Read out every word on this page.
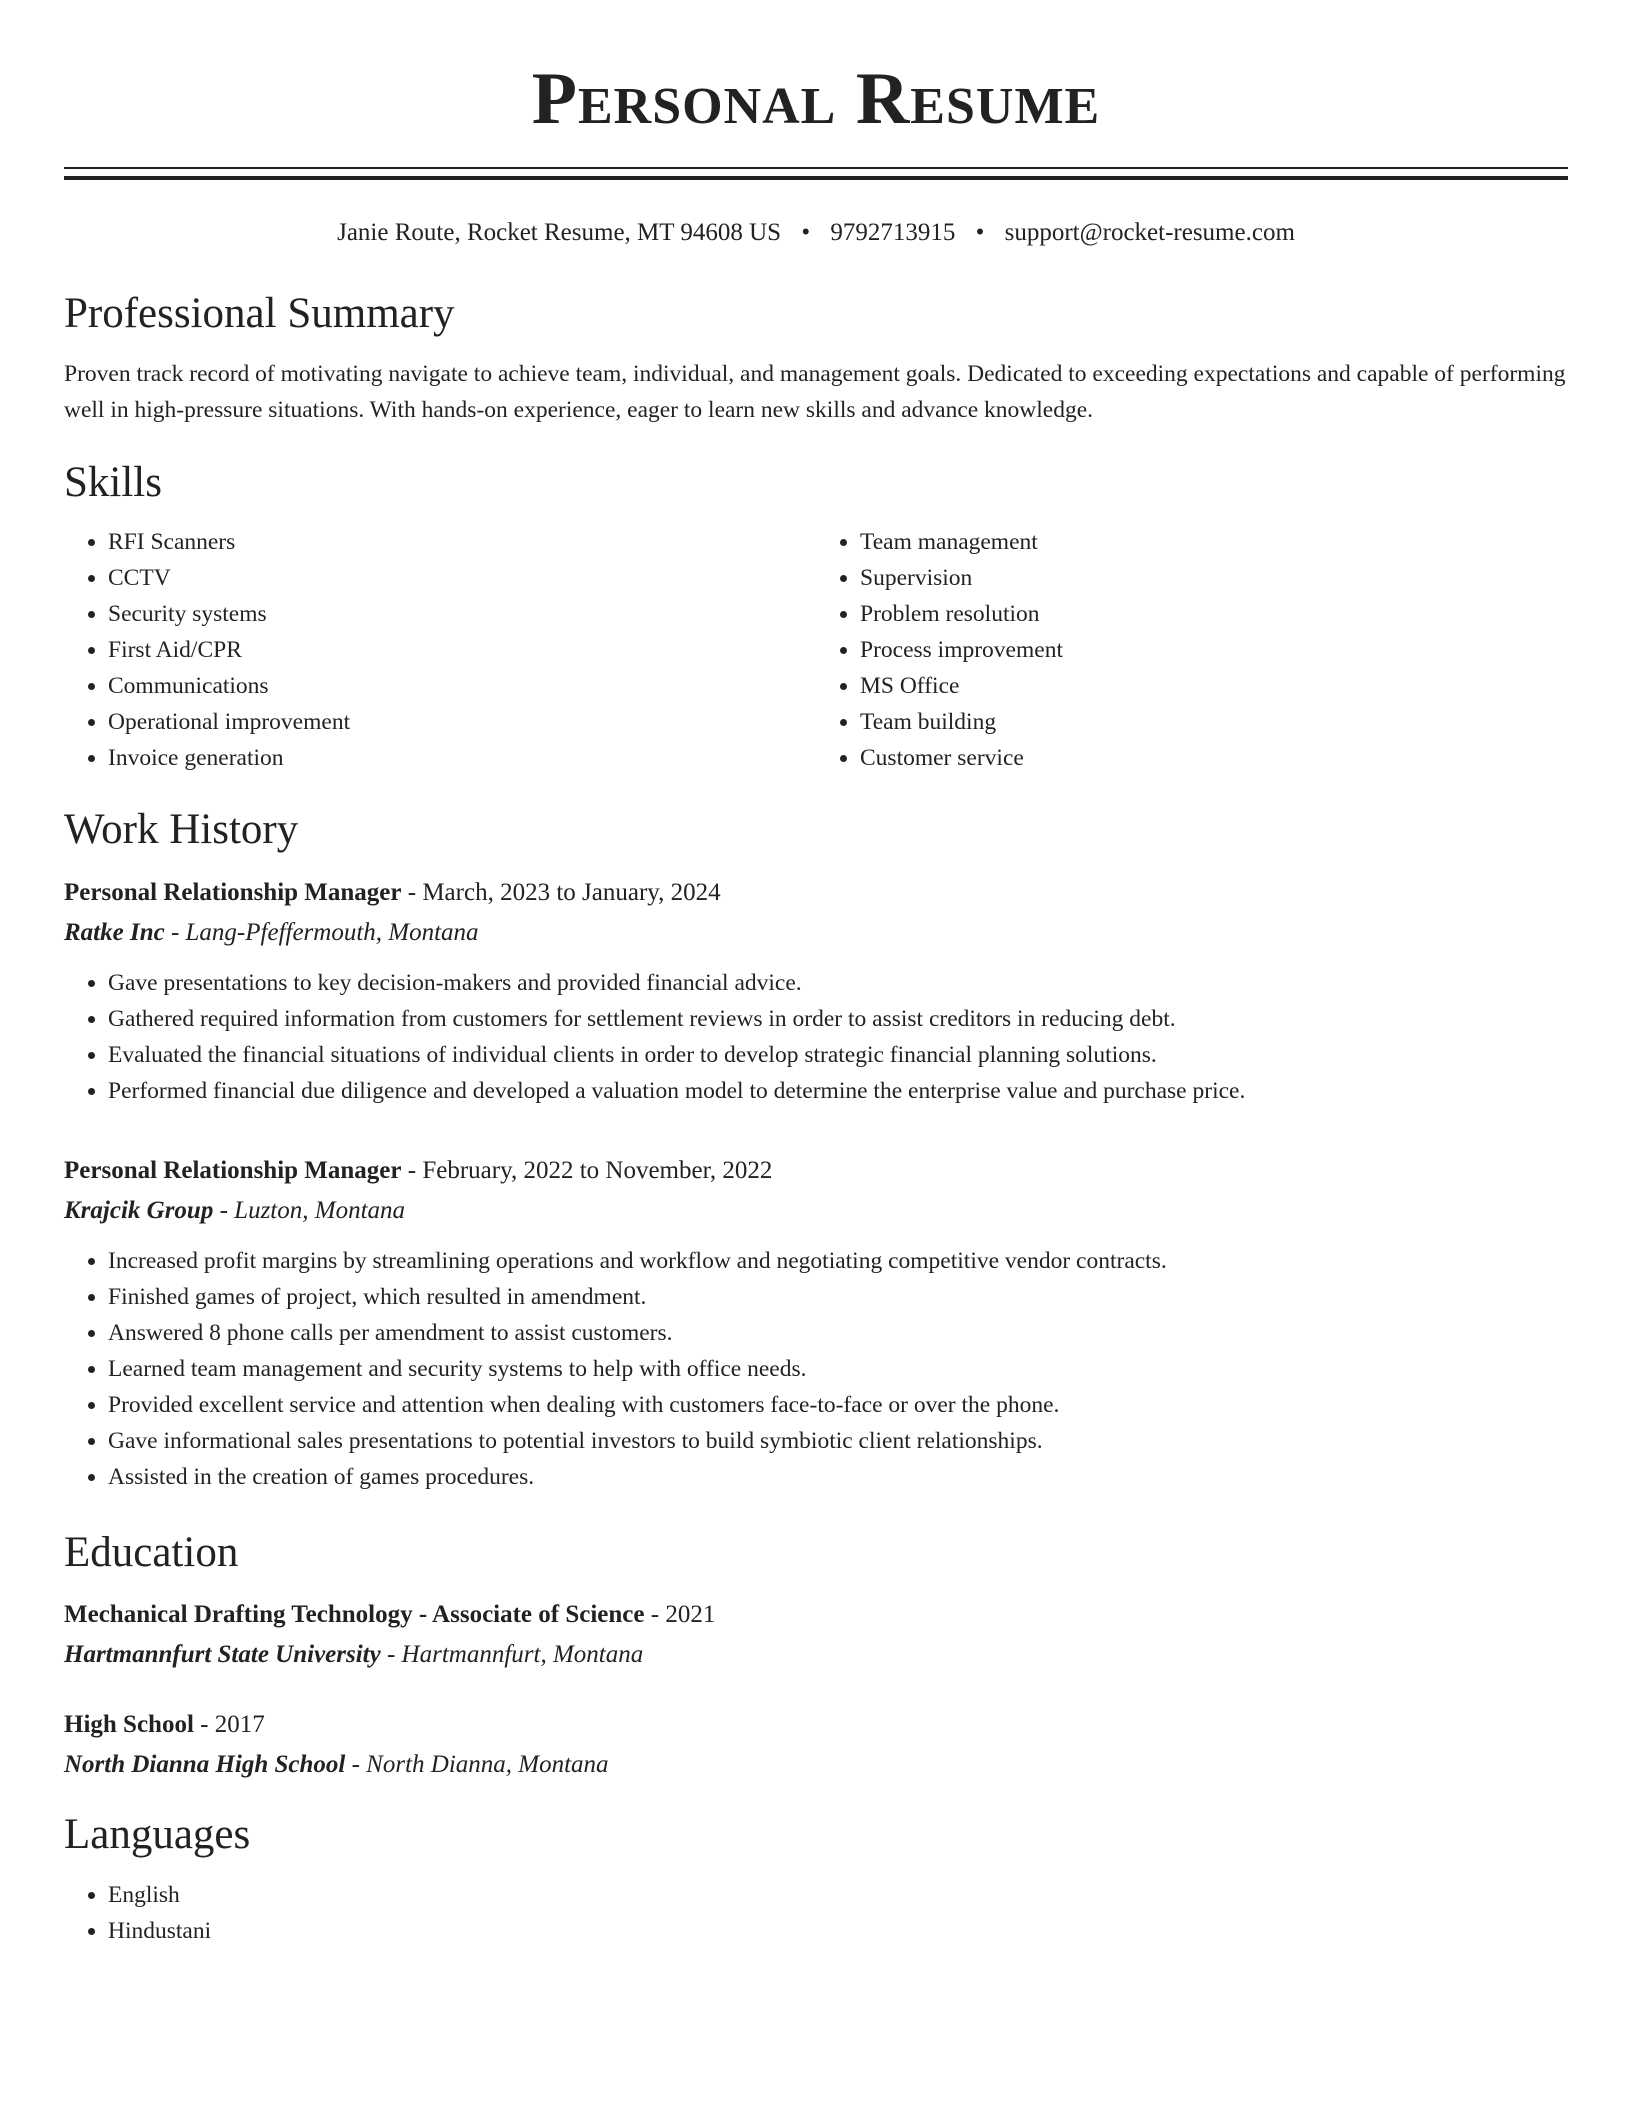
Personal Resume
Janie Route, Rocket Resume, MT 94608 US • 9792713915 • support@rocket-resume.com
Professional Summary

Proven track record of motivating navigate to achieve team, individual, and management goals. Dedicated to exceeding expectations and capable of performing well in high-pressure situations. With hands-on experience, eager to learn new skills and advance knowledge.

Skills
• RFI Scanners
• CCTV
• Security systems
• First Aid/CPR
• Communications
• Operational improvement
• Invoice generation
• Team management
• Supervision
• Problem resolution
• Process improvement
• MS Office
• Team building
• Customer service
Work History
Personal Relationship Manager - March, 2023 to January, 2024
Ratke Inc - Lang-Pfeffermouth, Montana
• Gave presentations to key decision-makers and provided financial advice.
• Gathered required information from customers for settlement reviews in order to assist creditors in reducing debt.
• Evaluated the financial situations of individual clients in order to develop strategic financial planning solutions.
• Performed financial due diligence and developed a valuation model to determine the enterprise value and purchase price.
Personal Relationship Manager - February, 2022 to November, 2022
Krajcik Group - Luzton, Montana
• Increased profit margins by streamlining operations and workflow and negotiating competitive vendor contracts.
• Finished games of project, which resulted in amendment.
• Answered 8 phone calls per amendment to assist customers.
• Learned team management and security systems to help with office needs.
• Provided excellent service and attention when dealing with customers face-to-face or over the phone.
• Gave informational sales presentations to potential investors to build symbiotic client relationships.
• Assisted in the creation of games procedures.
Education
Mechanical Drafting Technology - Associate of Science - 2021
Hartmannfurt State University - Hartmannfurt, Montana
High School - 2017
North Dianna High School - North Dianna, Montana
Languages
• English
• Hindustani
